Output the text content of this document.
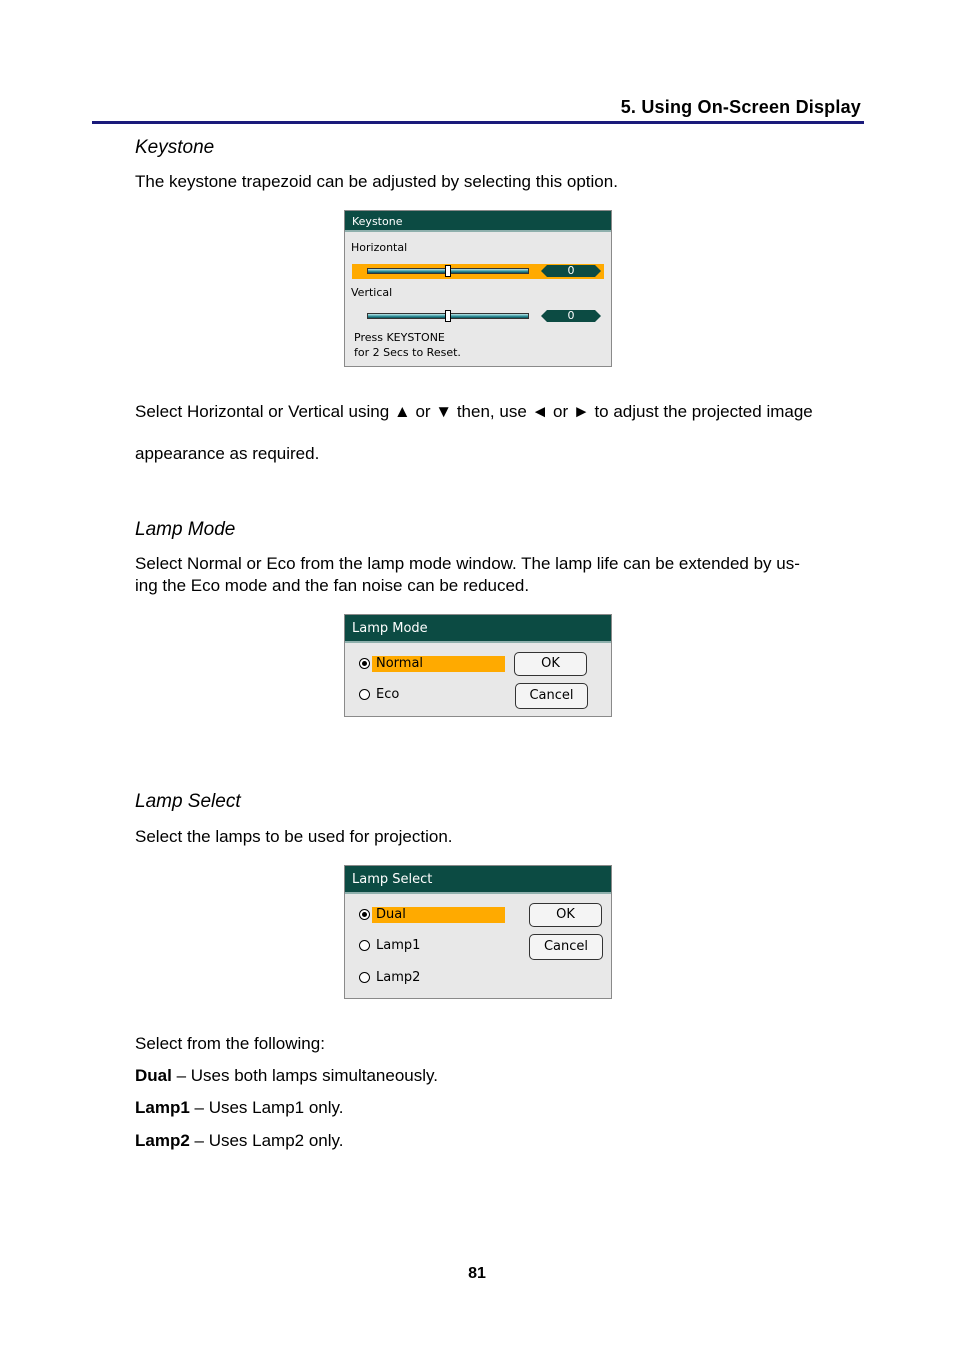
5. Using On-Screen Display
Keystone
The keystone trapezoid can be adjusted by selecting this option.
Keystone
Horizontal
0
Vertical
0
Press KEYSTONE
for 2 Secs to Reset.
Select Horizontal or Vertical using ▲ or ▼ then, use ◄ or ► to adjust the projected image
appearance as required.
Lamp Mode
Select Normal or Eco from the lamp mode window. The lamp life can be extended by us-
ing the Eco mode and the fan noise can be reduced.
Lamp Mode
Normal
Eco
OK
Cancel
Lamp Select
Select the lamps to be used for projection.
Lamp Select
Dual
Lamp1
Lamp2
OK
Cancel
Select from the following:
Dual – Uses both lamps simultaneously.
Lamp1 – Uses Lamp1 only.
Lamp2 – Uses Lamp2 only.
81
